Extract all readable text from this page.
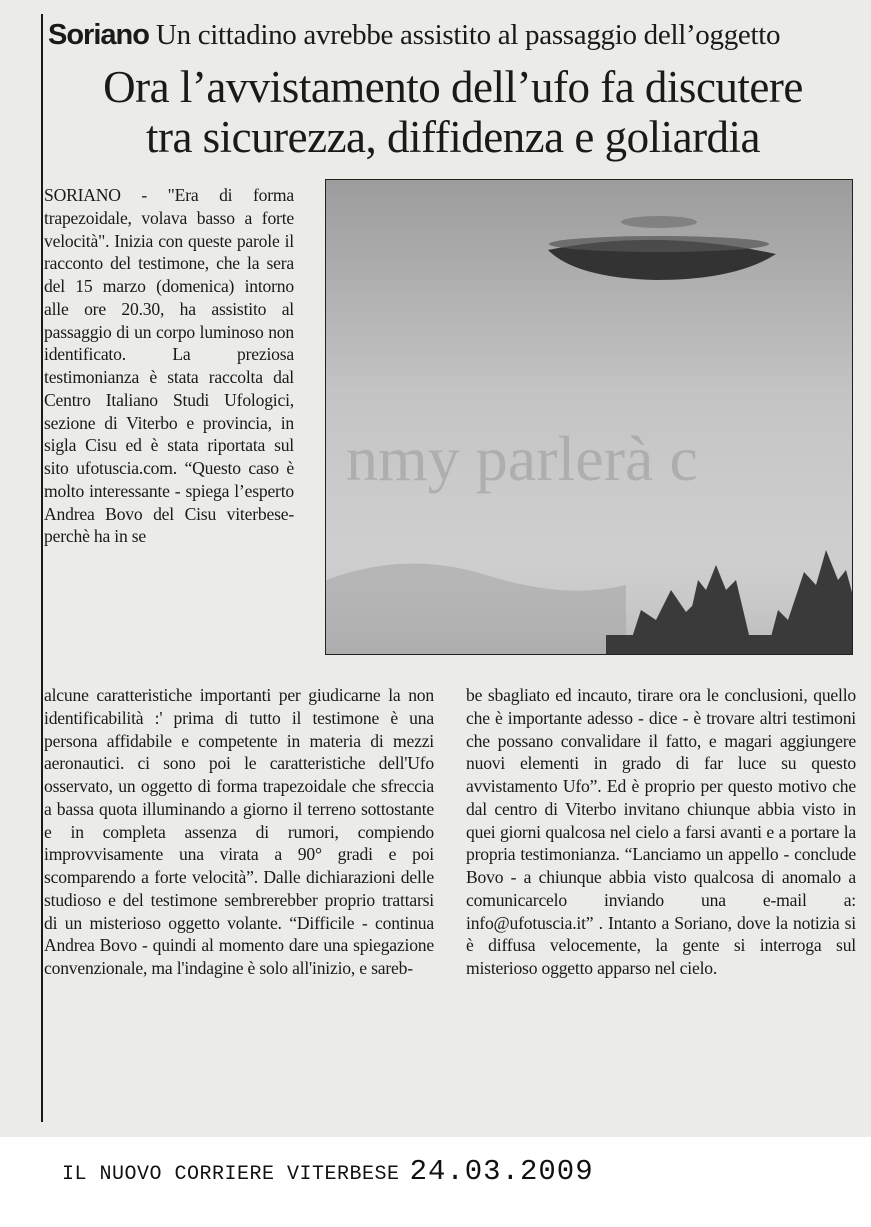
Soriano Un cittadino avrebbe assistito al passaggio dell’oggetto
Ora l’avvistamento dell’ufo fa discutere
tra sicurezza, diffidenza e goliardia

SORIANO - "Era di forma trapezoidale, volava basso a forte velocità". Inizia con queste parole il racconto del testimone, che la sera del 15 marzo (domenica) intorno alle ore 20.30, ha assistito al passaggio di un corpo luminoso non identificato. La preziosa testimonianza è stata raccolta dal Centro Italiano Studi Ufologici, sezione di Viterbo e provincia, in sigla Cisu ed è stata riportata sul sito ufotuscia.com. “Questo caso è molto interessante - spiega l’esperto Andrea Bovo del Cisu viterbese- perchè ha in se

nmy parlerà c

alcune caratteristiche importanti per giudicarne la non identificabilità :' prima di tutto il testimone è una persona affidabile e competente in materia di mezzi aeronautici. ci sono poi le caratteristiche dell'Ufo osservato, un oggetto di forma trapezoidale che sfreccia a bassa quota illuminando a giorno il terreno sottostante e in completa assenza di rumori, compiendo improvvisamente una virata a 90° gradi e poi scomparendo a forte velocità”. Dalle dichiarazioni delle studioso e del testimone sembrerebber proprio trattarsi di un misterioso oggetto volante. “Difficile - continua Andrea Bovo - quindi al momento dare una spiegazione convenzionale, ma l'indagine è solo all'inizio, e sareb-

be sbagliato ed incauto, tirare ora le conclusioni, quello che è importante adesso - dice - è trovare altri testimoni che possano convalidare il fatto, e magari aggiungere nuovi elementi in grado di far luce su questo avvistamento Ufo”. Ed è proprio per questo motivo che dal centro di Viterbo invitano chiunque abbia visto in quei giorni qualcosa nel cielo a farsi avanti e a portare la propria testimonianza. “Lanciamo un appello - conclude Bovo - a chiunque abbia visto qualcosa di anomalo a comunicarcelo inviando una e-mail a: info@ufotuscia.it” . Intanto a Soriano, dove la notizia si è diffusa velocemente, la gente si interroga sul misterioso oggetto apparso nel cielo.

IL NUOVO CORRIERE VITERBESE 24.03.2009
